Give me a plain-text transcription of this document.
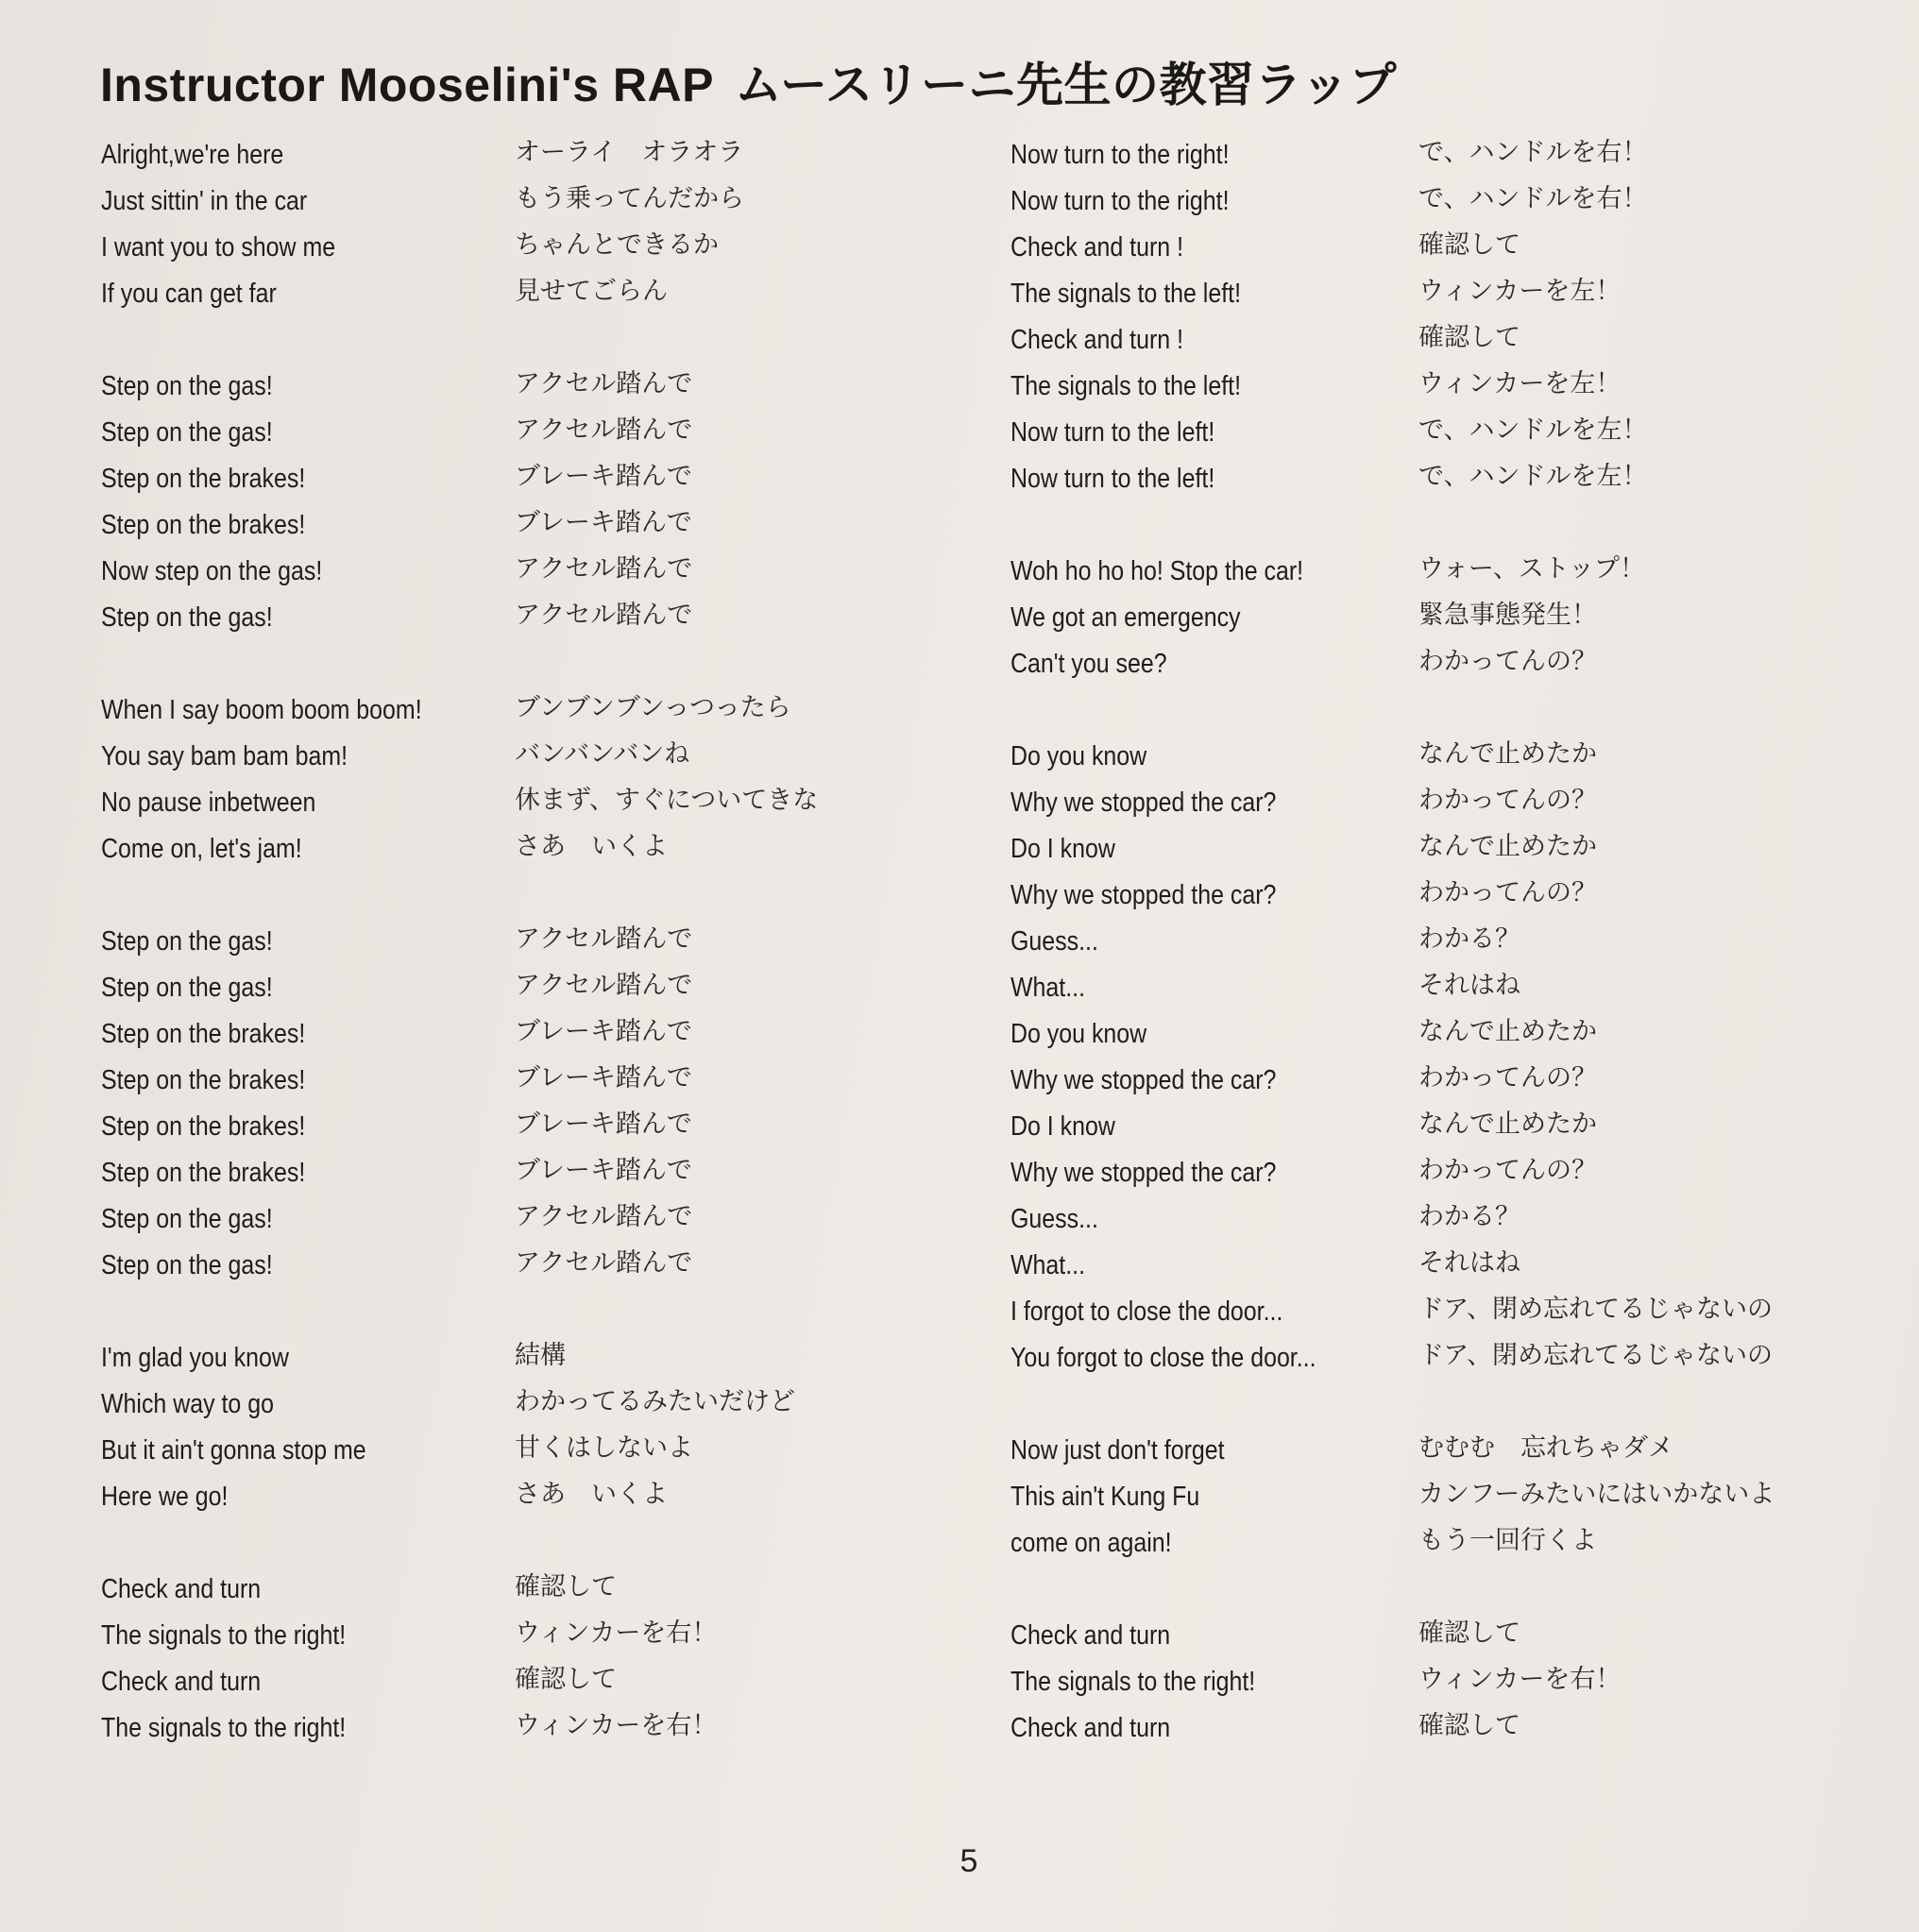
Instructor Mooselini's RAP ムースリーニ先生の教習ラップ
Alright,we're here
Just sittin' in the car
I want you to show me
If you can get far
Step on the gas!
Step on the gas!
Step on the brakes!
Step on the brakes!
Now step on the gas!
Step on the gas!
When I say boom boom boom!
You say bam bam bam!
No pause inbetween
Come on, let's jam!
Step on the gas!
Step on the gas!
Step on the brakes!
Step on the brakes!
Step on the brakes!
Step on the brakes!
Step on the gas!
Step on the gas!
I'm glad you know
Which way to go
But it ain't gonna stop me
Here we go!
Check and turn
The signals to the right!
Check and turn
The signals to the right!
オーライ　オラオラ
もう乗ってんだから
ちゃんとできるか
見せてごらん
アクセル踏んで
アクセル踏んで
ブレーキ踏んで
ブレーキ踏んで
アクセル踏んで
アクセル踏んで
ブンブンブンっつったら
バンバンバンね
休まず、すぐについてきな
さあ　いくよ
アクセル踏んで
アクセル踏んで
ブレーキ踏んで
ブレーキ踏んで
ブレーキ踏んで
ブレーキ踏んで
アクセル踏んで
アクセル踏んで
結構
わかってるみたいだけど
甘くはしないよ
さあ　いくよ
確認して
ウィンカーを右！
確認して
ウィンカーを右！
Now turn to the right!
Now turn to the right!
Check and turn !
The signals to the left!
Check and turn !
The signals to the left!
Now turn to the left!
Now turn to the left!
Woh ho ho ho! Stop the car!
We got an emergency
Can't you see?
Do you know
Why we stopped the car?
Do I know
Why we stopped the car?
Guess...
What...
Do you know
Why we stopped the car?
Do I know
Why we stopped the car?
Guess...
What...
I forgot to close the door...
You forgot to close the door...
Now just don't forget
This ain't Kung Fu
come on again!
Check and turn
The signals to the right!
Check and turn
で、ハンドルを右！
で、ハンドルを右！
確認して
ウィンカーを左！
確認して
ウィンカーを左！
で、ハンドルを左！
で、ハンドルを左！
ウォー、ストップ！
緊急事態発生！
わかってんの？
なんで止めたか
わかってんの？
なんで止めたか
わかってんの？
わかる？
それはね
なんで止めたか
わかってんの？
なんで止めたか
わかってんの？
わかる？
それはね
ドア、閉め忘れてるじゃないの
ドア、閉め忘れてるじゃないの
むむむ　忘れちゃダメ
カンフーみたいにはいかないよ
もう一回行くよ
確認して
ウィンカーを右！
確認して
5
